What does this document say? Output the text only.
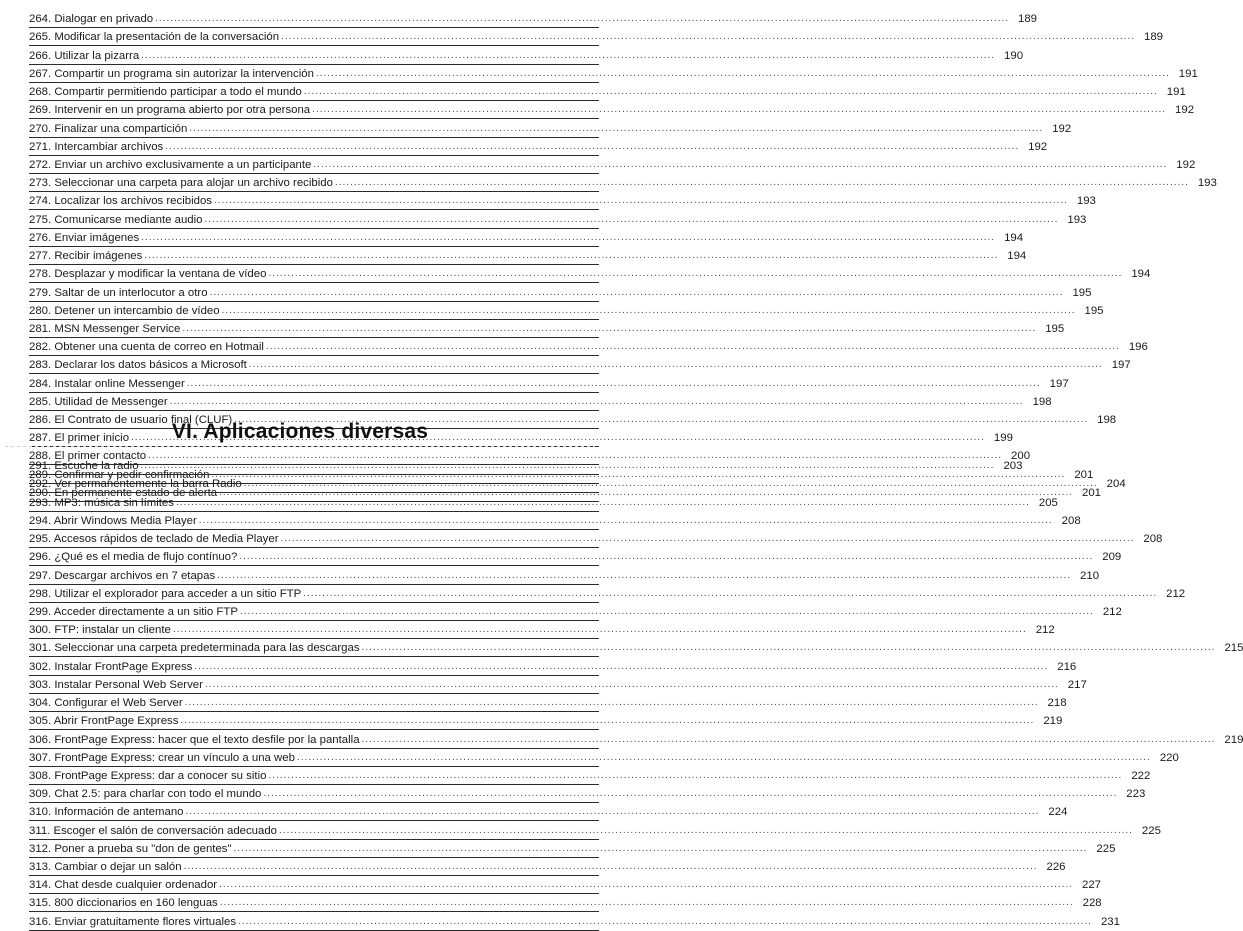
264. Dialogar en privado .....	189
265. Modificar la presentación de la conversación .....	189
266. Utilizar la pizarra .....	190
267. Compartir un programa sin autorizar la intervención .....	191
268. Compartir permitiendo participar a todo el mundo .....	191
269. Intervenir en un programa abierto por otra persona .....	192
270. Finalizar una compartición .....	192
271. Intercambiar archivos .....	192
272. Enviar un archivo exclusivamente a un participante .....	192
273. Seleccionar una carpeta para alojar un archivo recibido .....	193
274. Localizar los archivos recibidos .....	193
275. Comunicarse mediante audio .....	193
276. Enviar imágenes .....	194
277. Recibir imágenes .....	194
278. Desplazar y modificar la ventana de vídeo .....	194
279. Saltar de un interlocutor a otro .....	195
280. Detener un intercambio de vídeo .....	195
281. MSN Messenger Service .....	195
282. Obtener una cuenta de correo en Hotmail .....	196
283. Declarar los datos básicos a Microsoft .....	197
284. Instalar online Messenger .....	197
285. Utilidad de Messenger .....	198
286. El Contrato de usuario final (CLUF) .....	198
287. El primer inicio .....	199
288. El primer contacto .....	200
289. Confirmar y pedir confirmación .....	201
290. En permanente estado de alerta .....	201
VI. Aplicaciones diversas
291. Escuche la radio .....	203
292. Ver permanentemente la barra Radio .....	204
293. MP3: música sin límites .....	205
294. Abrir Windows Media Player .....	208
295. Accesos rápidos de teclado de Media Player .....	208
296. ¿Qué es el media de flujo contínuo? .....	209
297. Descargar archivos en 7 etapas .....	210
298. Utilizar el explorador para acceder a un sitio FTP .....	212
299. Acceder directamente a un sitio FTP .....	212
300. FTP: instalar un cliente .....	212
301. Seleccionar una carpeta predeterminada para las descargas .....	215
302. Instalar FrontPage Express .....	216
303. Instalar Personal Web Server .....	217
304. Configurar el Web Server .....	218
305. Abrir FrontPage Express .....	219
306. FrontPage Express: hacer que el texto desfile por la pantalla .....	219
307. FrontPage Express: crear un vínculo a una web .....	220
308. FrontPage Express: dar a conocer su sitio .....	222
309. Chat 2.5: para charlar con todo el mundo .....	223
310. Información de antemano .....	224
311. Escoger el salón de conversación adecuado .....	225
312. Poner a prueba su "don de gentes" .....	225
313. Cambiar o dejar un salón .....	226
314. Chat desde cualquier ordenador .....	227
315. 800 diccionarios en 160 lenguas .....	228
316. Enviar gratuitamente flores virtuales .....	231
